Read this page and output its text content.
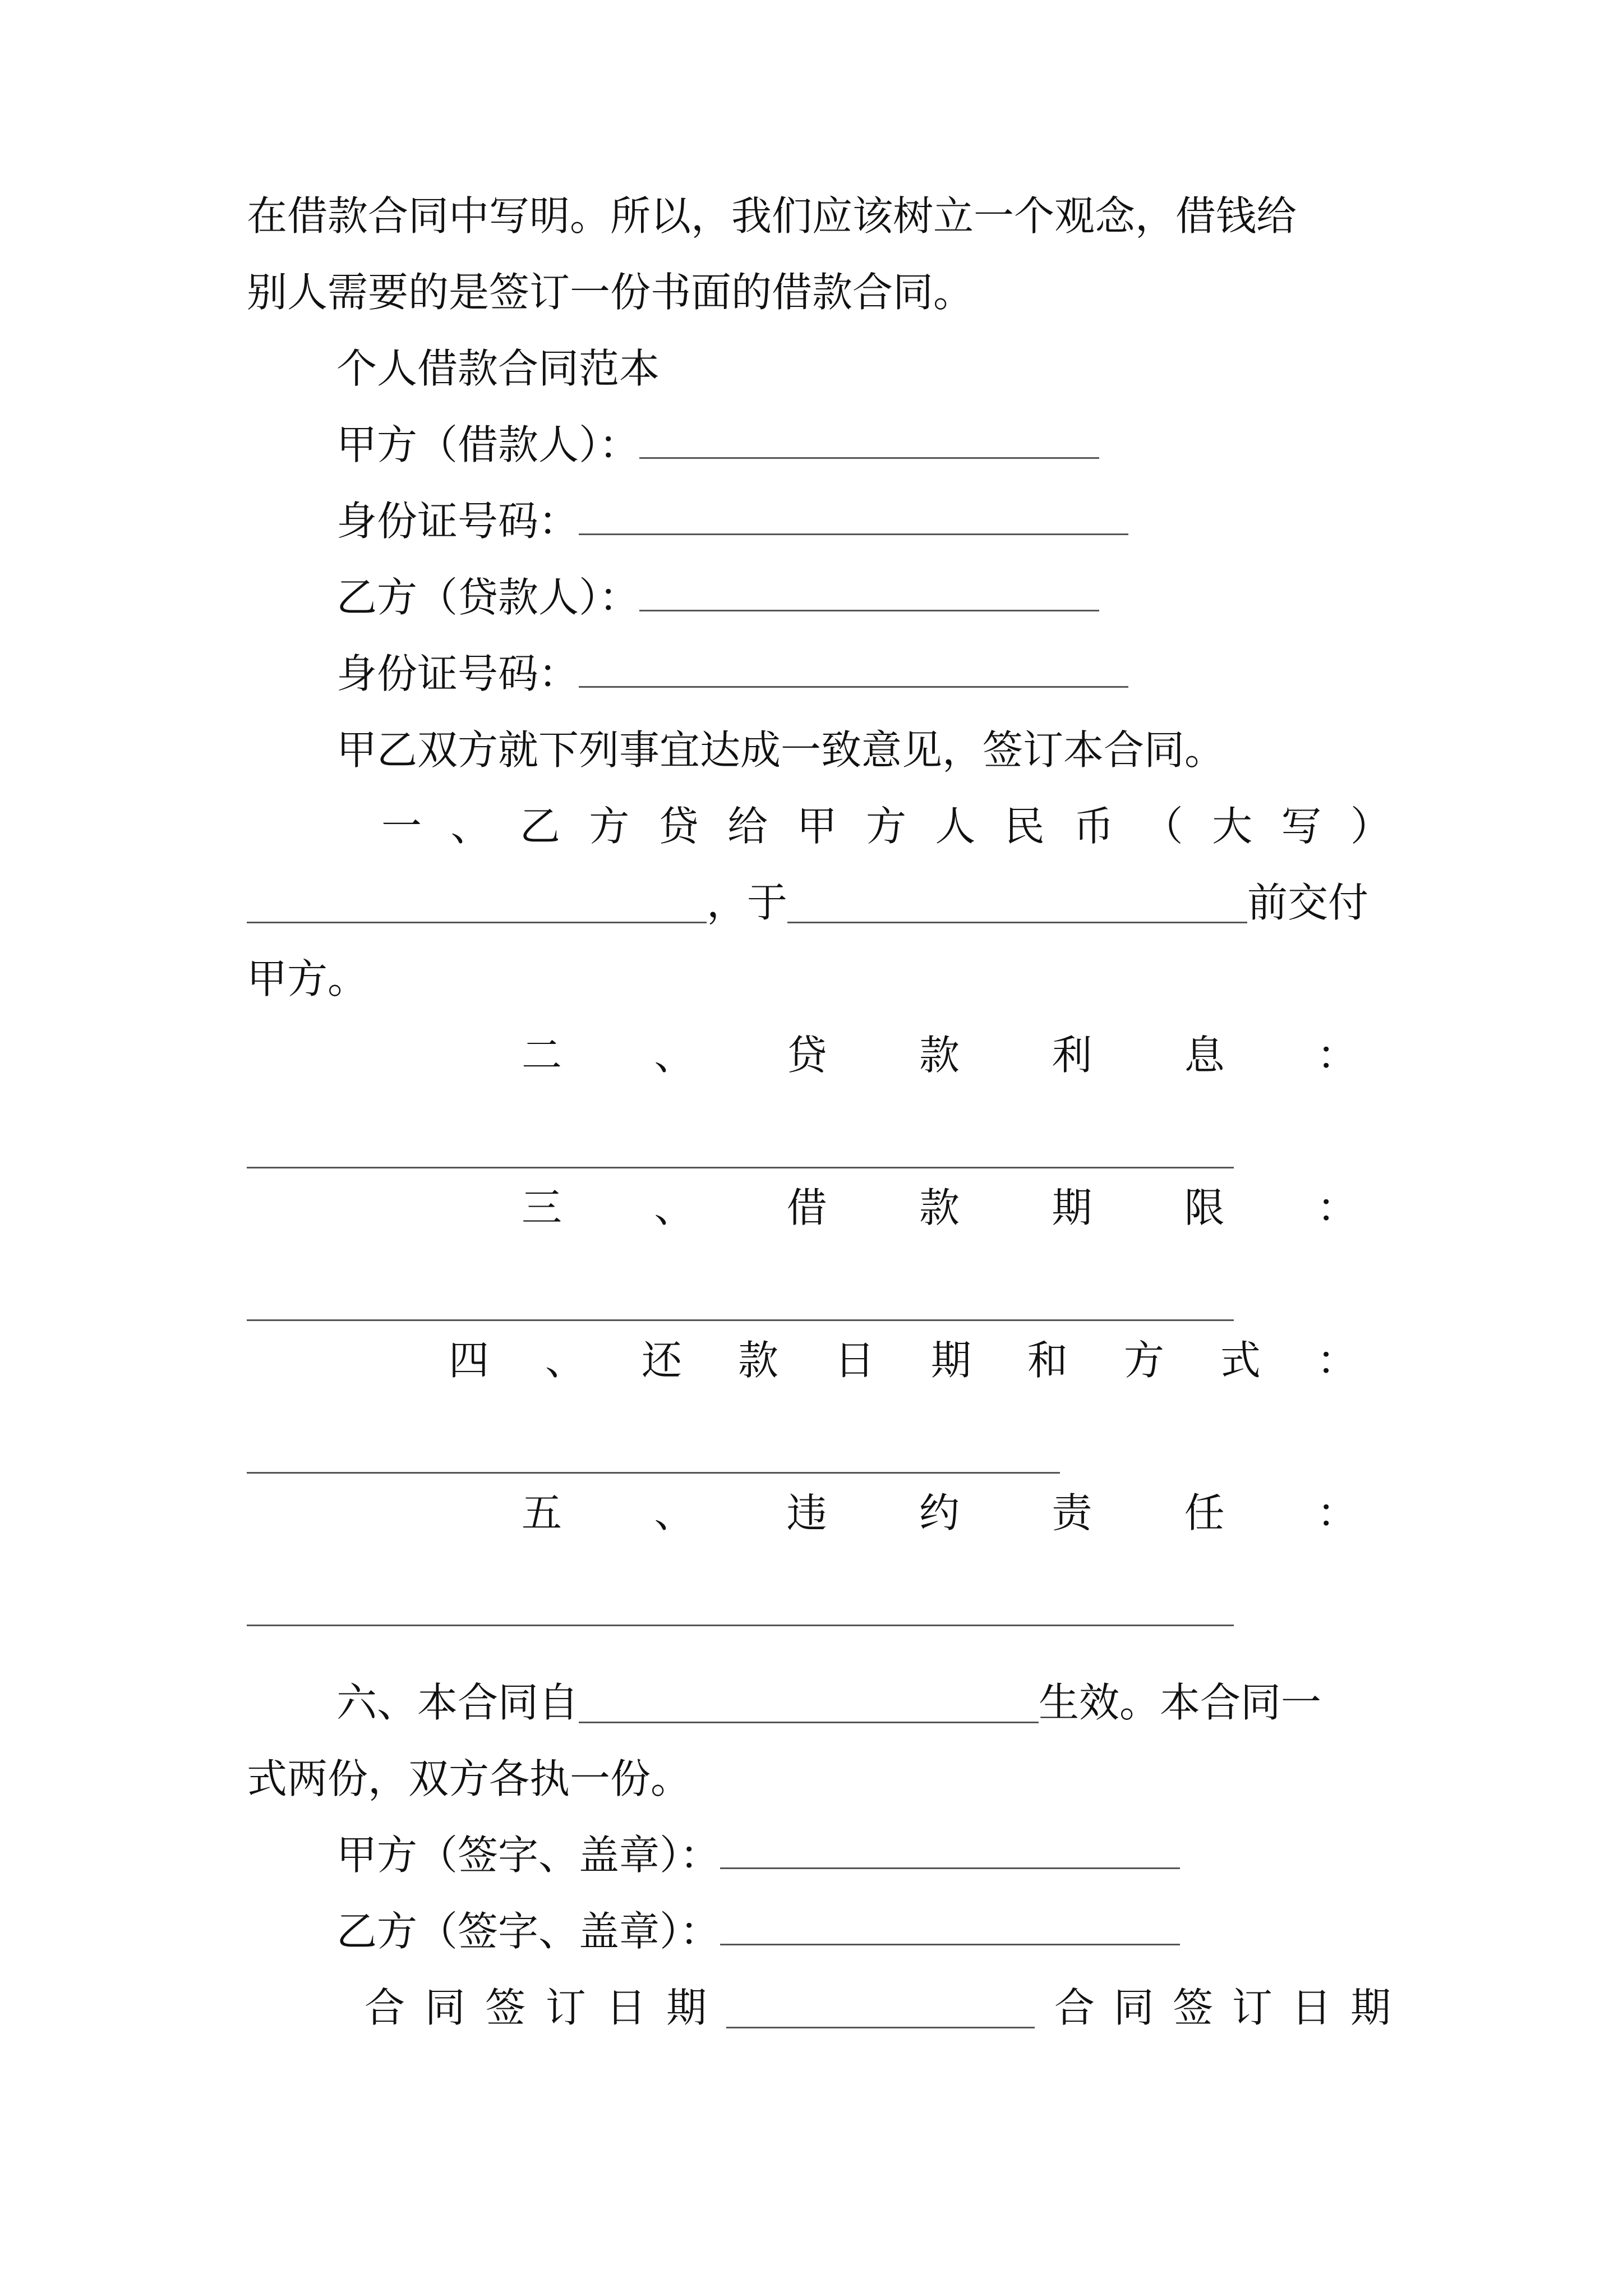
在借款合同中写明。所以，我们应该树立一个观念，借钱给
别人需要的是签订一份书面的借款合同。
个人借款合同范本
甲方（借款人）：
身份证号码：
乙方（贷款人）：
身份证号码：
甲乙双方就下列事宜达成一致意见，签订本合同。
一 、 乙 方 贷 给 甲 方 人 民 币 （ 大 写 ）
，于	前交付
甲方。
二 、 贷 款 利 息 ：
三 、 借 款 期 限 ：
四 、 还 款 日 期 和 方 式 ：
五 、 违 约 责 任 ：
六、本合同自	生效。本合同一
式两份，双方各执一份。
甲方（签字、盖章）：
乙方（签字、盖章）：
合 同 签 订 日 期	合 同 签 订 日 期
